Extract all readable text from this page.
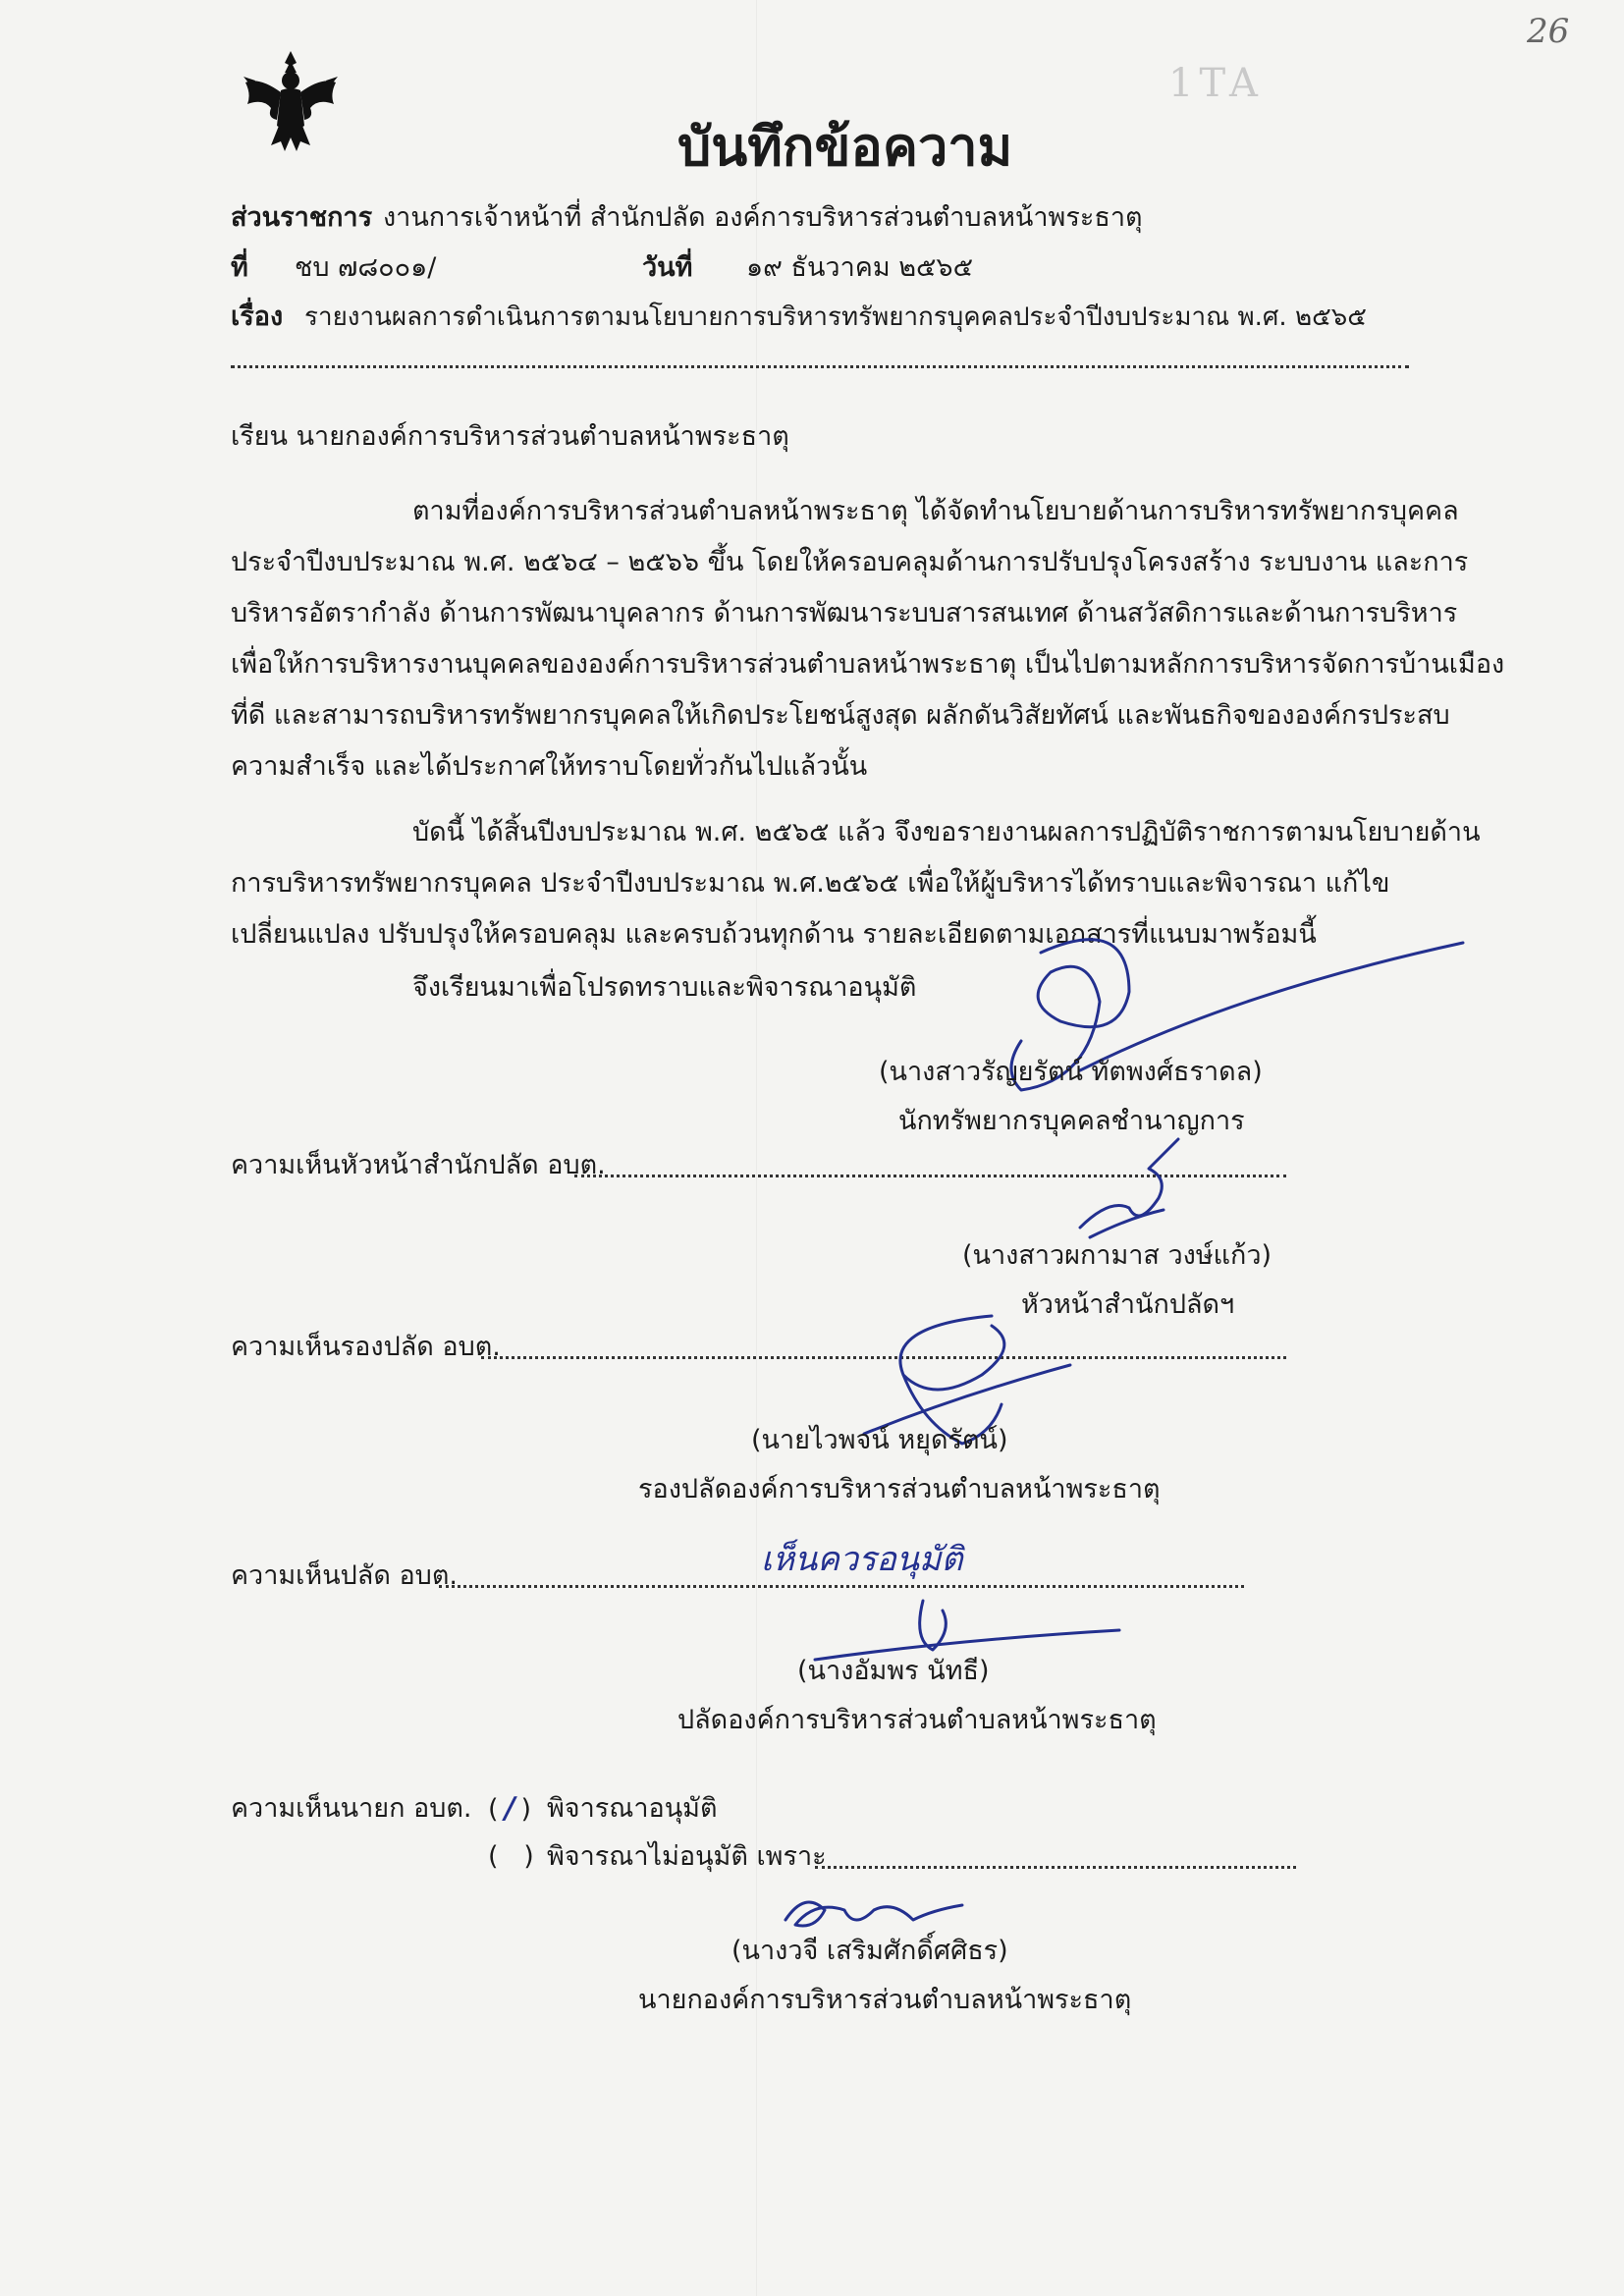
26
1TA
บันทึกข้อความ
ส่วนราชการ งานการเจ้าหน้าที่ สำนักปลัด องค์การบริหารส่วนตำบลหน้าพระธาตุ
ที่ ชบ ๗๘๐๐๑/	วันที่ ๑๙ ธันวาคม ๒๕๖๕
เรื่อง รายงานผลการดำเนินการตามนโยบายการบริหารทรัพยากรบุคคลประจำปีงบประมาณ พ.ศ. ๒๕๖๕
เรียน นายกองค์การบริหารส่วนตำบลหน้าพระธาตุ
ตามที่องค์การบริหารส่วนตำบลหน้าพระธาตุ ได้จัดทำนโยบายด้านการบริหารทรัพยากรบุคคล
ประจำปีงบประมาณ พ.ศ. ๒๕๖๔ – ๒๕๖๖ ขึ้น โดยให้ครอบคลุมด้านการปรับปรุงโครงสร้าง ระบบงาน และการ
บริหารอัตรากำลัง ด้านการพัฒนาบุคลากร ด้านการพัฒนาระบบสารสนเทศ ด้านสวัสดิการและด้านการบริหาร
เพื่อให้การบริหารงานบุคคลขององค์การบริหารส่วนตำบลหน้าพระธาตุ เป็นไปตามหลักการบริหารจัดการบ้านเมือง
ที่ดี และสามารถบริหารทรัพยากรบุคคลให้เกิดประโยชน์สูงสุด ผลักดันวิสัยทัศน์ และพันธกิจขององค์กรประสบ
ความสำเร็จ และได้ประกาศให้ทราบโดยทั่วกันไปแล้วนั้น
บัดนี้ ได้สิ้นปีงบประมาณ พ.ศ. ๒๕๖๕ แล้ว จึงขอรายงานผลการปฏิบัติราชการตามนโยบายด้าน
การบริหารทรัพยากรบุคคล ประจำปีงบประมาณ พ.ศ.๒๕๖๕ เพื่อให้ผู้บริหารได้ทราบและพิจารณา แก้ไข
เปลี่ยนแปลง ปรับปรุงให้ครอบคลุม และครบถ้วนทุกด้าน รายละเอียดตามเอกสารที่แนบมาพร้อมนี้
จึงเรียนมาเพื่อโปรดทราบและพิจารณาอนุมัติ
(นางสาวรัญยรัตน์ ทัตพงศ์ธราดล)
นักทรัพยากรบุคคลชำนาญการ
ความเห็นหัวหน้าสำนักปลัด อบต.
(นางสาวผกามาส วงษ์แก้ว)
หัวหน้าสำนักปลัดฯ
ความเห็นรองปลัด อบต.
(นายไวพจน์ หยุดรัตน์)
รองปลัดองค์การบริหารส่วนตำบลหน้าพระธาตุ
ความเห็นปลัด อบต.	เห็นควรอนุมัติ
(นางอัมพร นัทธี)
ปลัดองค์การบริหารส่วนตำบลหน้าพระธาตุ
ความเห็นนายก อบต. ( / ) พิจารณาอนุมัติ
(   ) พิจารณาไม่อนุมัติ เพราะ
(นางวจี เสริมศักดิ์ศศิธร)
นายกองค์การบริหารส่วนตำบลหน้าพระธาตุ
